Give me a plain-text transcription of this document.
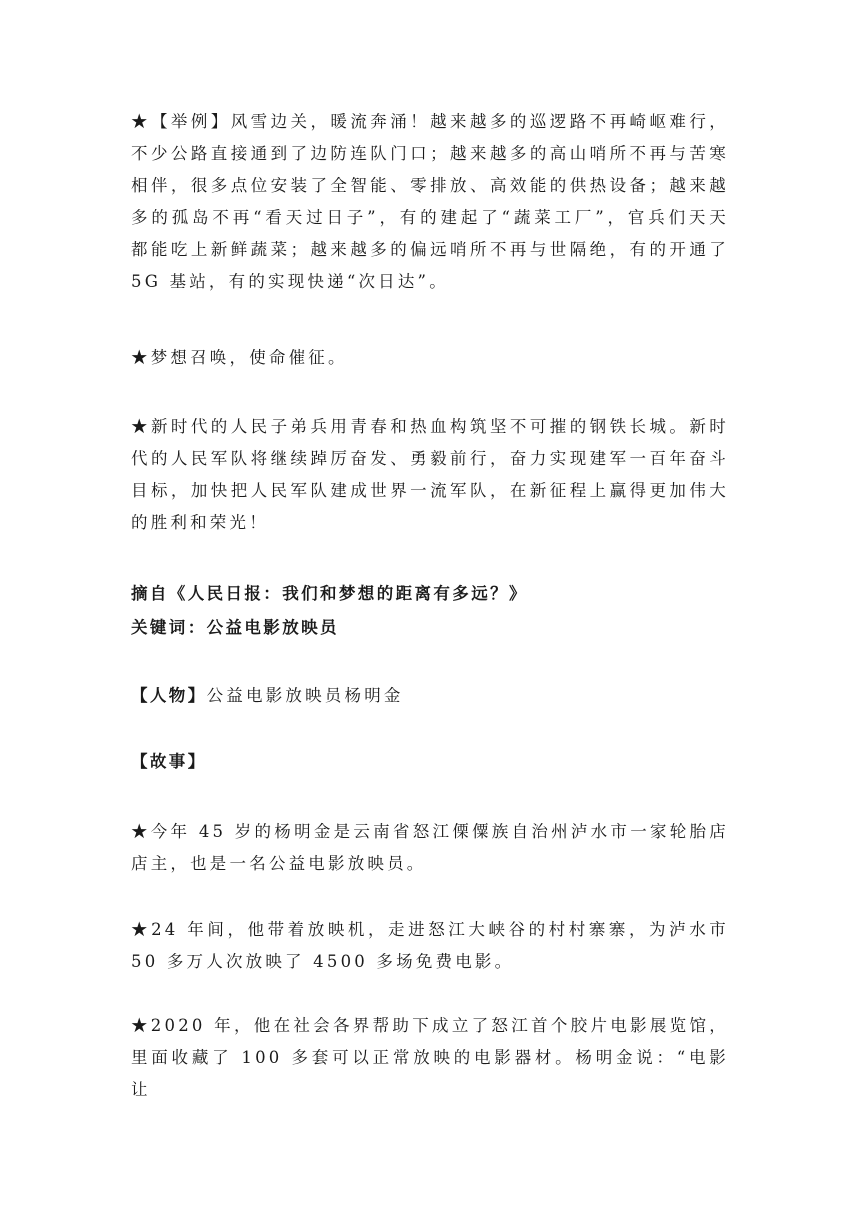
★【举例】风雪边关，暖流奔涌！越来越多的巡逻路不再崎岖难行，不少公路直接通到了边防连队门口；越来越多的高山哨所不再与苦寒相伴，很多点位安装了全智能、零排放、高效能的供热设备；越来越多的孤岛不再“看天过日子”，有的建起了“蔬菜工厂”，官兵们天天都能吃上新鲜蔬菜；越来越多的偏远哨所不再与世隔绝，有的开通了 5G 基站，有的实现快递“次日达”。

★梦想召唤，使命催征。

★新时代的人民子弟兵用青春和热血构筑坚不可摧的钢铁长城。新时代的人民军队将继续踔厉奋发、勇毅前行，奋力实现建军一百年奋斗目标，加快把人民军队建成世界一流军队，在新征程上赢得更加伟大的胜利和荣光！

摘自《人民日报：我们和梦想的距离有多远？》

关键词：公益电影放映员

【人物】公益电影放映员杨明金

【故事】

★今年 45 岁的杨明金是云南省怒江傈僳族自治州泸水市一家轮胎店店主，也是一名公益电影放映员。

★24 年间，他带着放映机，走进怒江大峡谷的村村寨寨，为泸水市 50 多万人次放映了 4500 多场免费电影。

★2020 年，他在社会各界帮助下成立了怒江首个胶片电影展览馆，里面收藏了 100 多套可以正常放映的电影器材。杨明金说：“电影让
